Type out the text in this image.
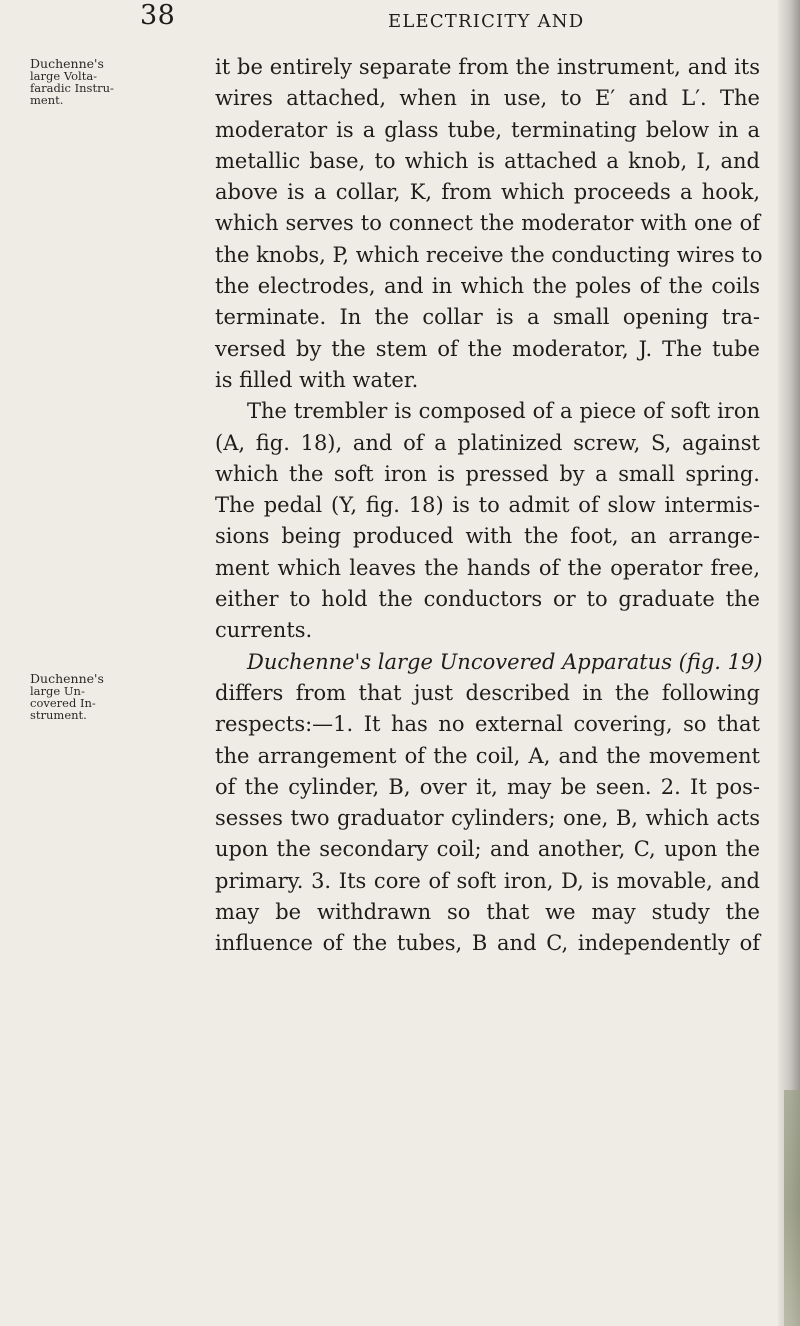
38	ELECTRICITY AND
Duchenne's
large Volta-
faradic Instru-
ment.
Duchenne's
large Un-
covered In-
strument.
it be entirely separate from the instrument, and its
wires attached, when in use, to E′ and L′. The
moderator is a glass tube, terminating below in a
metallic base, to which is attached a knob, I, and
above is a collar, K, from which proceeds a hook,
which serves to connect the moderator with one of
the knobs, P, which receive the conducting wires to
the electrodes, and in which the poles of the coils
terminate. In the collar is a small opening tra-
versed by the stem of the moderator, J. The tube
is filled with water.
The trembler is composed of a piece of soft iron
(A, fig. 18), and of a platinized screw, S, against
which the soft iron is pressed by a small spring.
The pedal (Y, fig. 18) is to admit of slow intermis-
sions being produced with the foot, an arrange-
ment which leaves the hands of the operator free,
either to hold the conductors or to graduate the
currents.
Duchenne's large Uncovered Apparatus (fig. 19)
differs from that just described in the following
respects:—1. It has no external covering, so that
the arrangement of the coil, A, and the movement
of the cylinder, B, over it, may be seen. 2. It pos-
sesses two graduator cylinders; one, B, which acts
upon the secondary coil; and another, C, upon the
primary. 3. Its core of soft iron, D, is movable, and
may be withdrawn so that we may study the
influence of the tubes, B and C, independently of
